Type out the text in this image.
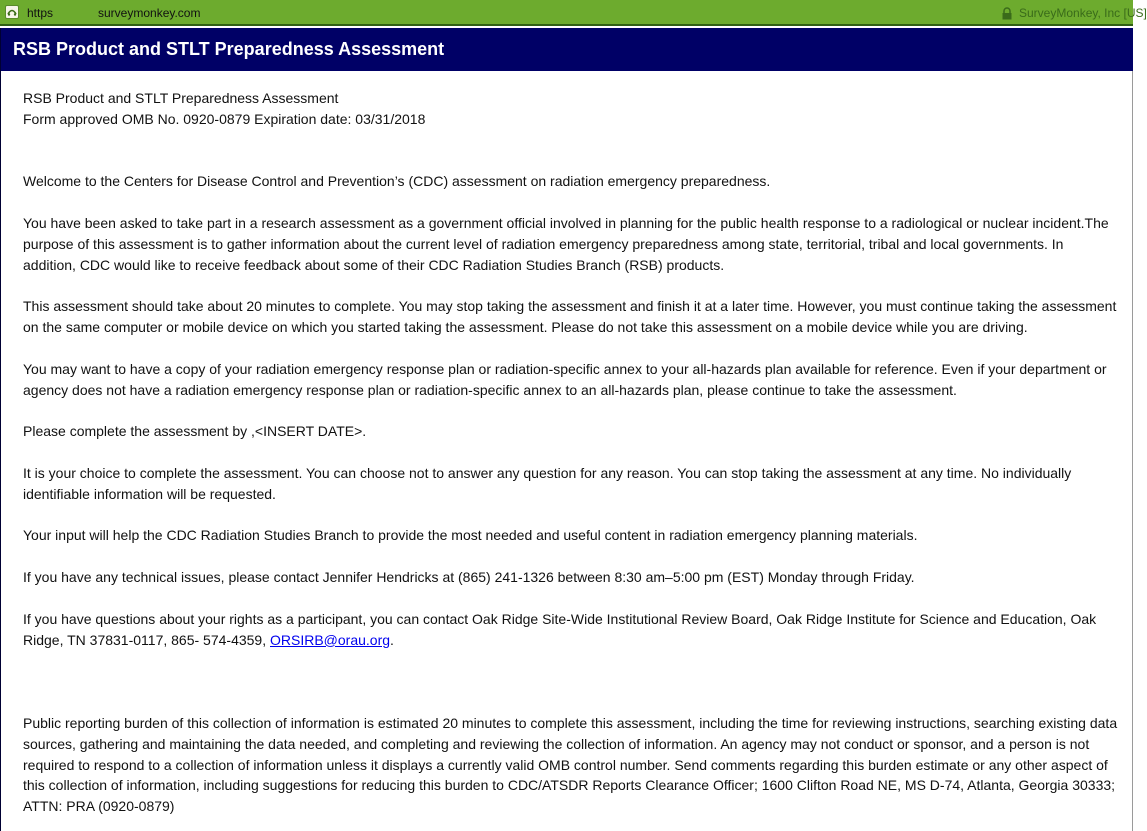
https	surveymonkey.com	SurveyMonkey, Inc [US]
RSB Product and STLT Preparedness Assessment

RSB Product and STLT Preparedness Assessment

Form approved OMB No. 0920-0879 Expiration date: 03/31/2018

Welcome to the Centers for Disease Control and Prevention’s (CDC) assessment on radiation emergency preparedness.

You have been asked to take part in a research assessment as a government official involved in planning for the public health response to a radiological or nuclear incident.The purpose of this assessment is to gather information about the current level of radiation emergency preparedness among state, territorial, tribal and local governments. In addition, CDC would like to receive feedback about some of their CDC Radiation Studies Branch (RSB) products.

This assessment should take about 20 minutes to complete. You may stop taking the assessment and finish it at a later time. However, you must continue taking the assessment on the same computer or mobile device on which you started taking the assessment. Please do not take this assessment on a mobile device while you are driving.

You may want to have a copy of your radiation emergency response plan or radiation-specific annex to your all-hazards plan available for reference. Even if your department or agency does not have a radiation emergency response plan or radiation-specific annex to an all-hazards plan, please continue to take the assessment.

Please complete the assessment by ,<INSERT DATE>.

It is your choice to complete the assessment. You can choose not to answer any question for any reason. You can stop taking the assessment at any time. No individually identifiable information will be requested.

Your input will help the CDC Radiation Studies Branch to provide the most needed and useful content in radiation emergency planning materials.

If you have any technical issues, please contact Jennifer Hendricks at (865) 241-1326 between 8:30 am–5:00 pm (EST) Monday through Friday.

If you have questions about your rights as a participant, you can contact Oak Ridge Site-Wide Institutional Review Board, Oak Ridge Institute for Science and Education, Oak Ridge, TN 37831-0117, 865- 574-4359, ORSIRB@orau.org.

Public reporting burden of this collection of information is estimated 20 minutes to complete this assessment, including the time for reviewing instructions, searching existing data sources, gathering and maintaining the data needed, and completing and reviewing the collection of information. An agency may not conduct or sponsor, and a person is not required to respond to a collection of information unless it displays a currently valid OMB control number. Send comments regarding this burden estimate or any other aspect of this collection of information, including suggestions for reducing this burden to CDC/ATSDR Reports Clearance Officer; 1600 Clifton Road NE, MS D-74, Atlanta, Georgia 30333; ATTN: PRA (0920-0879)
